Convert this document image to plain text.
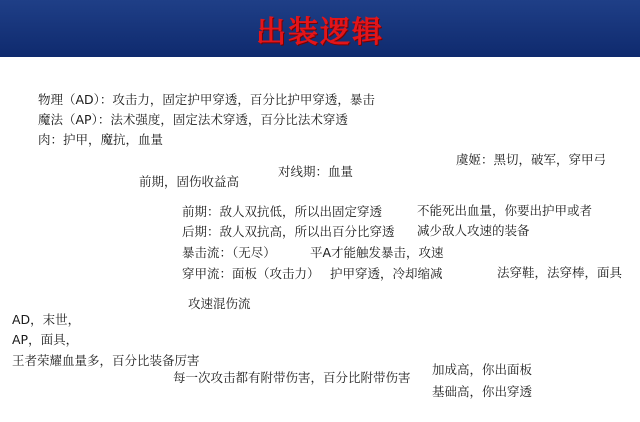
出装逻辑
物理（AD）：攻击力，固定护甲穿透，百分比护甲穿透，暴击
魔法（AP）：法术强度，固定法术穿透，百分比法术穿透
肉：护甲，魔抗，血量
虞姬：黑切，破军，穿甲弓
对线期：血量
前期，固伤收益高
前期：敌人双抗低，所以出固定穿透	不能死出血量，你要出护甲或者
后期：敌人双抗高，所以出百分比穿透 减少敌人攻速的装备
暴击流：（无尽）	平A才能触发暴击，攻速
穿甲流：面板（攻击力） 护甲穿透，冷却缩减	法穿鞋，法穿棒，面具
攻速混伤流
AD，末世，
AP，面具，
王者荣耀血量多，百分比装备厉害
加成高，你出面板
每一次攻击都有附带伤害，百分比附带伤害
基础高，你出穿透
